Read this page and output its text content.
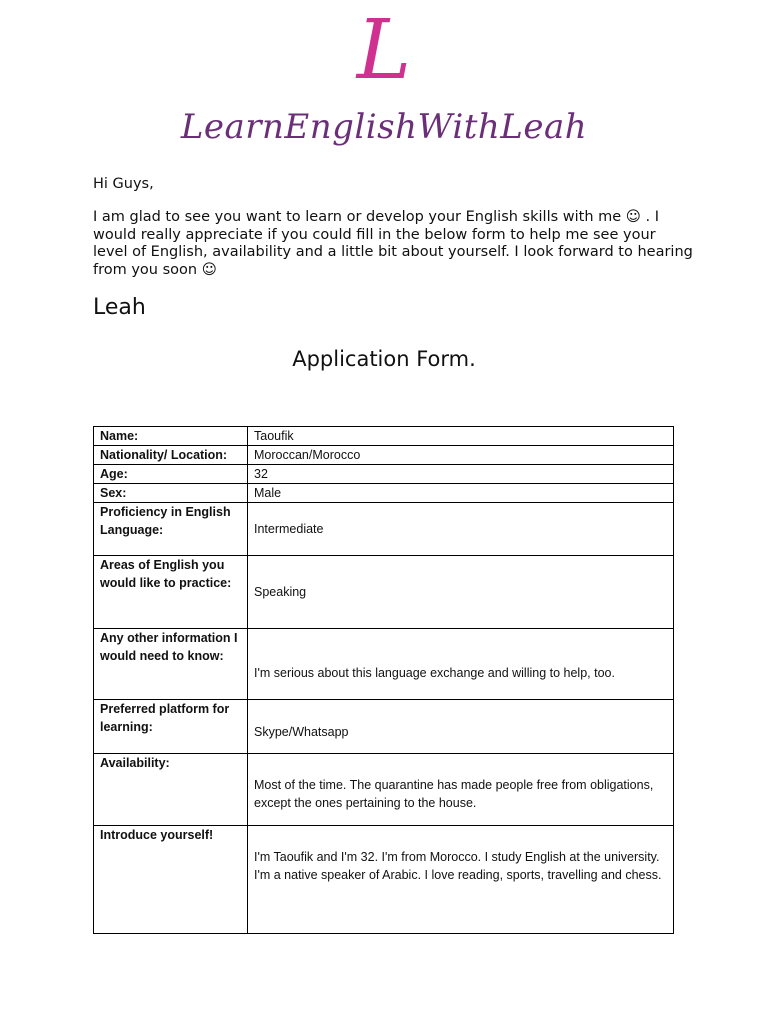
L
LearnEnglishWithLeah
Hi Guys,
I am glad to see you want to learn or develop your English skills with me ☺ . I would really appreciate if you could fill in the below form to help me see your level of English, availability and a little bit about yourself. I look forward to hearing from you soon ☺
Leah
Application Form.
Name:	Taoufik
Nationality/ Location:	Moroccan/Morocco
Age:	32
Sex:	Male
Proficiency in English Language:	Intermediate
Areas of English you would like to practice:	Speaking
Any other information I would need to know:	I'm serious about this language exchange and willing to help, too.
Preferred platform for learning:	Skype/Whatsapp
Availability:	Most of the time. The quarantine has made people free from obligations, except the ones pertaining to the house.
Introduce yourself!	I'm Taoufik and I'm 32. I'm from Morocco. I study English at the university. I'm a native speaker of Arabic. I love reading, sports, travelling and chess.
